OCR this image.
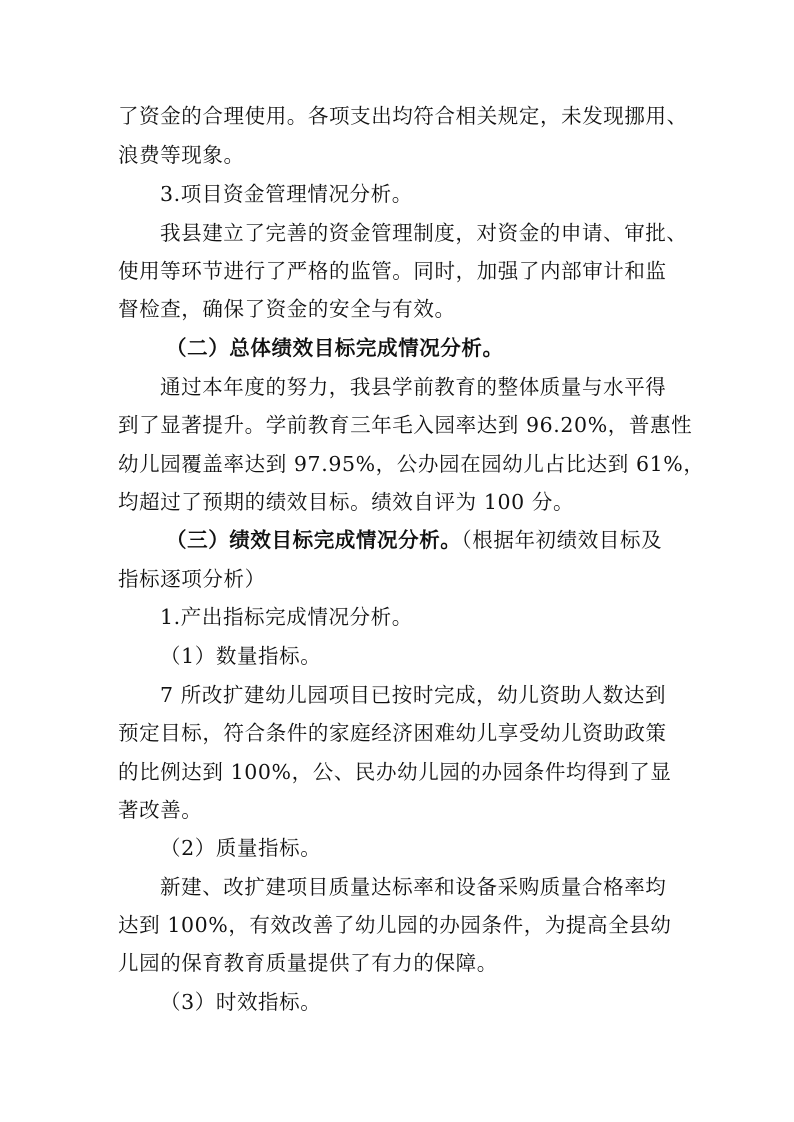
了资金的合理使用。各项支出均符合相关规定，未发现挪用、
浪费等现象。
3.项目资金管理情况分析。
我县建立了完善的资金管理制度，对资金的申请、审批、
使用等环节进行了严格的监管。同时，加强了内部审计和监
督检查，确保了资金的安全与有效。
（二）总体绩效目标完成情况分析。
通过本年度的努力，我县学前教育的整体质量与水平得
到了显著提升。学前教育三年毛入园率达到 96.20%，普惠性
幼儿园覆盖率达到 97.95%，公办园在园幼儿占比达到 61%，
均超过了预期的绩效目标。绩效自评为 100 分。
（三）绩效目标完成情况分析。（根据年初绩效目标及
指标逐项分析）
1.产出指标完成情况分析。
（1）数量指标。
7 所改扩建幼儿园项目已按时完成，幼儿资助人数达到
预定目标，符合条件的家庭经济困难幼儿享受幼儿资助政策
的比例达到 100%，公、民办幼儿园的办园条件均得到了显
著改善。
（2）质量指标。
新建、改扩建项目质量达标率和设备采购质量合格率均
达到 100%，有效改善了幼儿园的办园条件，为提高全县幼
儿园的保育教育质量提供了有力的保障。
（3）时效指标。
